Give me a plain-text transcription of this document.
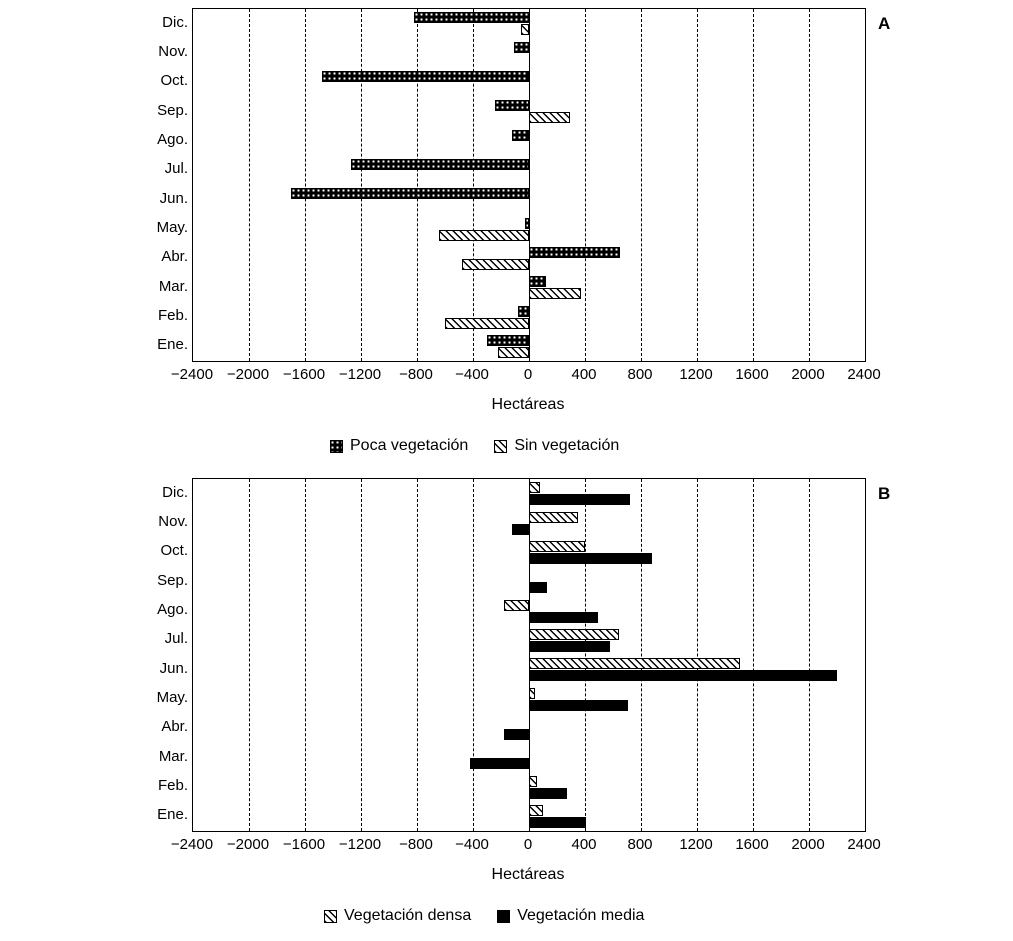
A
Dic.
Nov.
Oct.
Sep.
Ago.
Jul.
Jun.
May.
Abr.
Mar.
Feb.
Ene.
−2400 −2000 −1600 −1200	−800	−400	0	400	800	1200	1600	2000	2400
Hectáreas
Poca vegetación	Sin vegetación
B
Dic.
Nov.
Oct.
Sep.
Ago.
Jul.
Jun.
May.
Abr.
Mar.
Feb.
Ene.
−2400 −2000 −1600 −1200	−800	−400	0	400	800	1200	1600	2000	2400
Hectáreas
Vegetación densa	Vegetación media
